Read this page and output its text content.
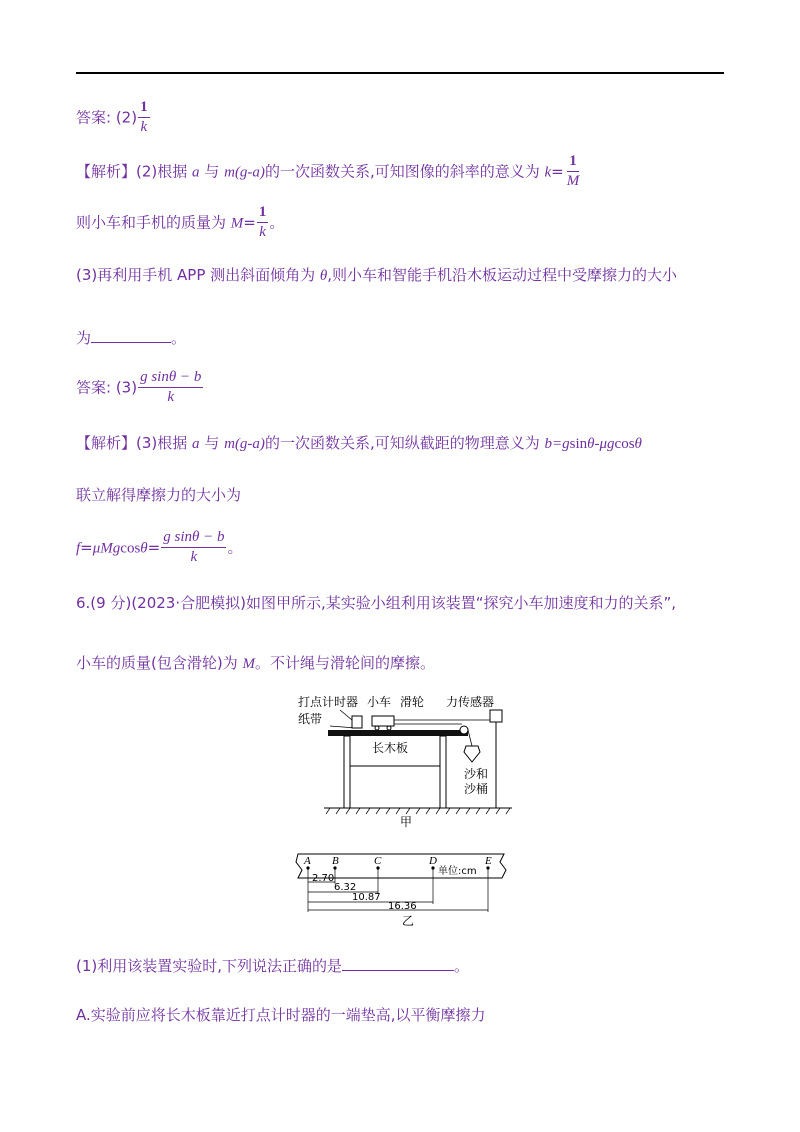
答案: $(2) \frac{1}{k}$
【解析】(2)根据 a 与 m(g-a)的一次函数关系,可知图像的斜率的意义为 $k= \frac{1}{M}$
则小车和手机的质量为 $M= \frac{1}{k}$ 。
(3)再利用手机 APP 测出斜面倾角为 θ,则小车和智能手机沿木板运动过程中受摩擦力的大小
为	。
答案: $(3) \frac{\text{g sinθ − b}}{k}$
【解析】(3)根据 a 与 m(g-a)的一次函数关系,可知纵截距的物理意义为 b=gsinθ-μgcosθ
联立解得摩擦力的大小为
$f=\mu Mgcos\theta= \frac{\text{g sinθ − b}}{k}$ 。
6.(9 分)(2023·合肥模拟)如图甲所示,某实验小组利用该装置“探究小车加速度和力的关系”,
小车的质量(包含滑轮)为 M。不计绳与滑轮间的摩擦。
打点计时器
纸带
小车 滑轮 力传感器
长木板
沙和
沙桶
甲
A B	C	D	E
单位:cm
2.70
6.32
10.87
16.36
乙
(1)利用该装置实验时,下列说法正确的是	。
A.实验前应将长木板靠近打点计时器的一端垫高,以平衡摩擦力
